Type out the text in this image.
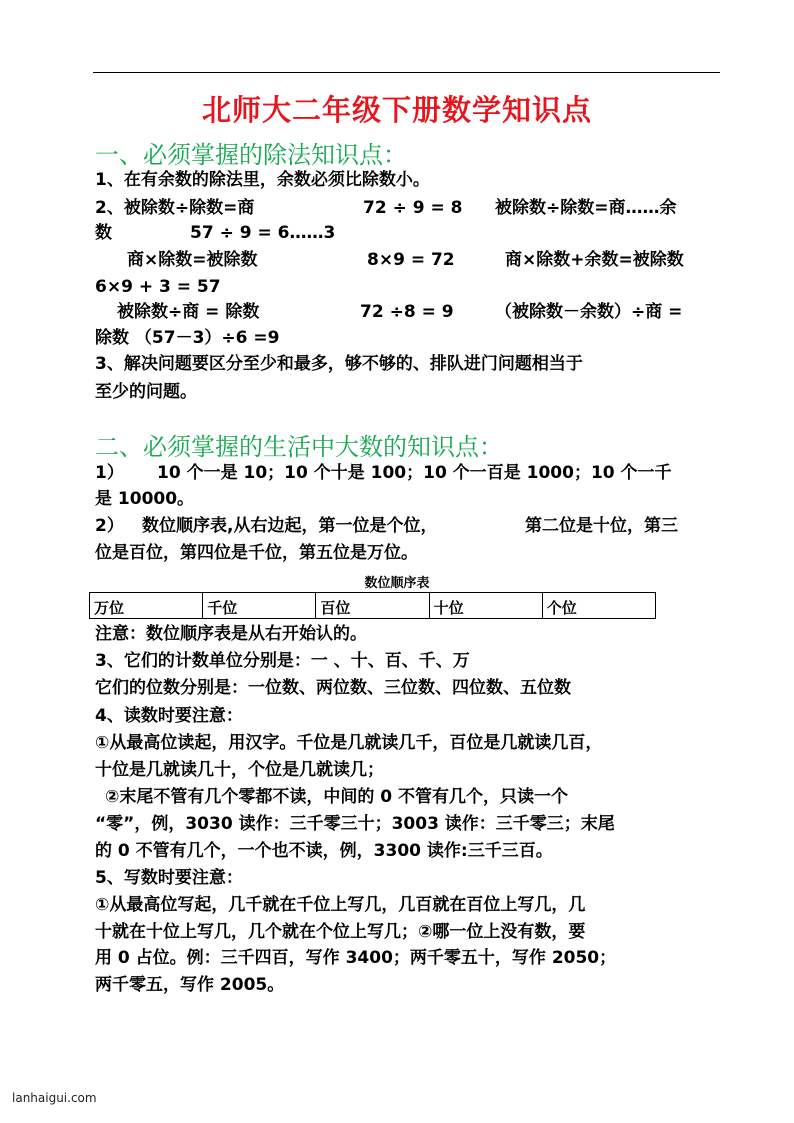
北师大二年级下册数学知识点
一、必须掌握的除法知识点：
1、在有余数的除法里，余数必须比除数小。
2、被除数÷除数=商	72 ÷ 9 = 8 被除数÷除数=商……余
数	57 ÷ 9 = 6……3
商×除数=被除数	8×9 = 72	商×除数+余数=被除数
6×9 + 3 = 57
被除数÷商 = 除数	72 ÷8 = 9 （被除数－余数）÷商 =
除数 （57－3）÷6 =9
3、解决问题要区分至少和最多，够不够的、排队进门问题相当于
至少的问题。
二、必须掌握的生活中大数的知识点：
1） 10 个一是 10；10 个十是 100；10 个一百是 1000；10 个一千
是 10000。
2） 数位顺序表,从右边起，第一位是个位，	第二位是十位，第三
位是百位，第四位是千位，第五位是万位。
数位顺序表
万位	千位	百位	十位	个位
注意：数位顺序表是从右开始认的。
3、它们的计数单位分别是：一 、十、百、千、万
它们的位数分别是：一位数、两位数、三位数、四位数、五位数
4、读数时要注意：
①从最高位读起，用汉字。千位是几就读几千，百位是几就读几百，
十位是几就读几十，个位是几就读几；
②末尾不管有几个零都不读，中间的 0 不管有几个，只读一个
“零”，例，3030 读作：三千零三十；3003 读作：三千零三；末尾
的 0 不管有几个，一个也不读，例，3300 读作:三千三百。
5、写数时要注意：
①从最高位写起，几千就在千位上写几，几百就在百位上写几，几
十就在十位上写几，几个就在个位上写几；②哪一位上没有数，要
用 0 占位。例：三千四百，写作 3400；两千零五十，写作 2050；
两千零五，写作 2005。
lanhaigui.com
